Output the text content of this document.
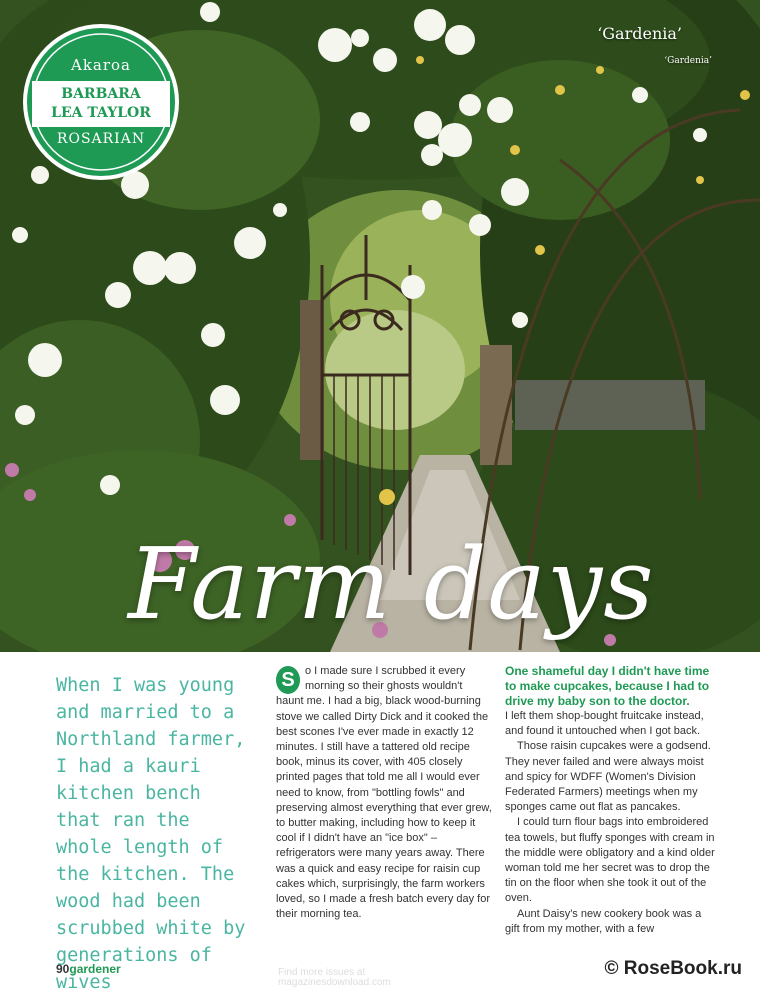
‘Gardenia’
‘Gardenia’
Akaroa
BARBARA
LEA TAYLOR
ROSARIAN
Farm days
When I was young and married to a Northland farmer, I had a kauri kitchen bench that ran the whole length of the kitchen. The wood had been scrubbed white by generations of wives

S o I made sure I scrubbed it every morning so their ghosts wouldn't haunt me. I had a big, black wood-burning stove we called Dirty Dick and it cooked the best scones I've ever made in exactly 12 minutes. I still have a tattered old recipe book, minus its cover, with 405 closely printed pages that told me all I would ever need to know, from "bottling fowls" and preserving almost everything that ever grew, to butter making, including how to keep it cool if I didn't have an "ice box" – refrigerators were many years away. There was a quick and easy recipe for raisin cup cakes which, surprisingly, the farm workers loved, so I made a fresh batch every day for their morning tea.

One shameful day I didn't have time to make cupcakes, because I had to drive my baby son to the doctor.

I left them shop-bought fruitcake instead, and found it untouched when I got back.

Those raisin cupcakes were a godsend. They never failed and were always moist and spicy for WDFF (Women's Division Federated Farmers) meetings when my sponges came out flat as pancakes.

I could turn flour bags into embroidered tea towels, but fluffy sponges with cream in the middle were obligatory and a kind older woman told me her secret was to drop the tin on the floor when she took it out of the oven.

Aunt Daisy's new cookery book was a gift from my mother, with a few

90gardener	Find more issues at
magazinesdownload.com
© RoseBook.ru
